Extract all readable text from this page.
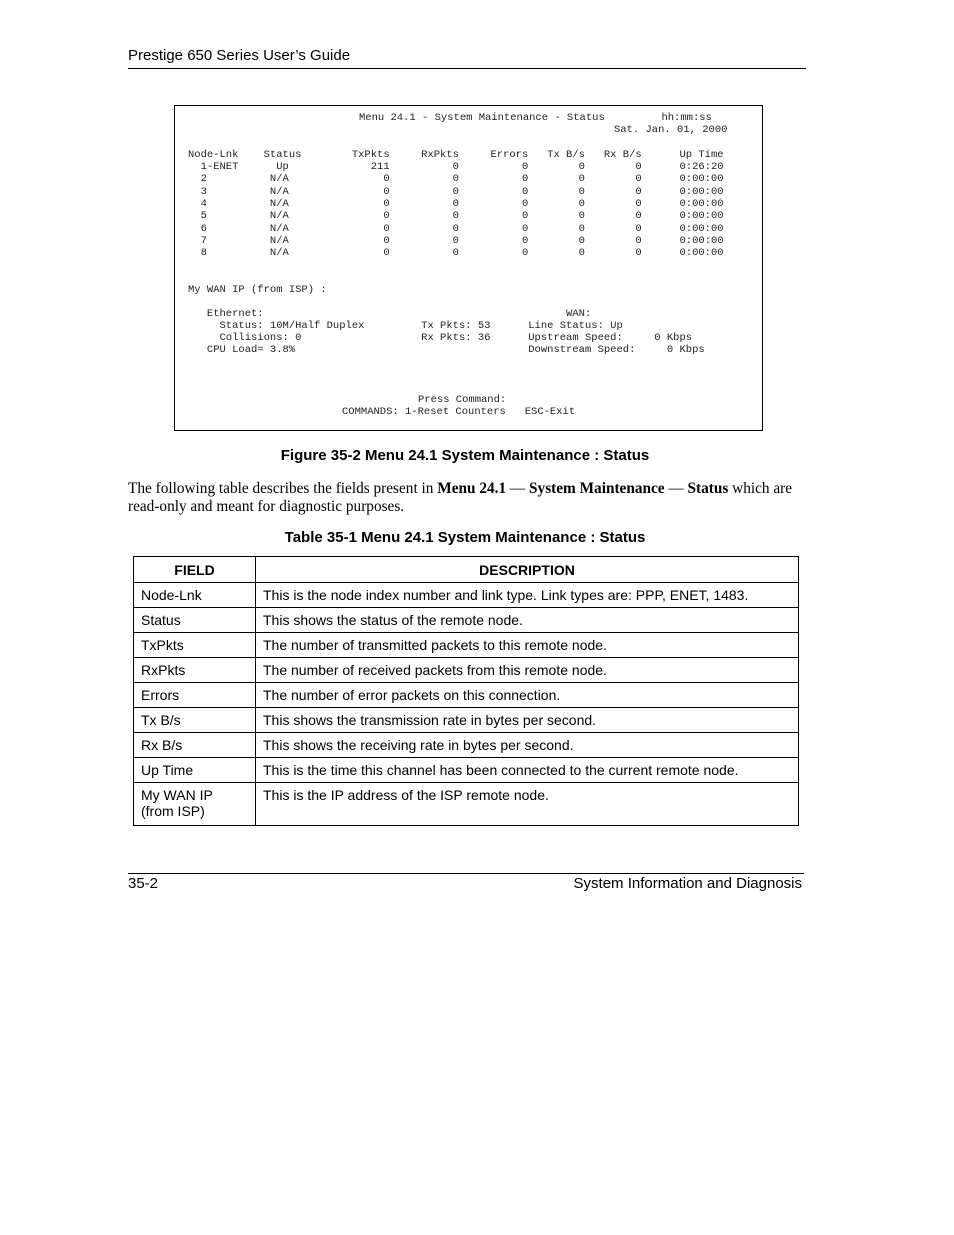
Prestige 650 Series User’s Guide
Menu 24.1 - System Maintenance - Status         hh:mm:ss
Sat. Jan. 01, 2000
Node-Lnk    Status        TxPkts     RxPkts     Errors   Tx B/s   Rx B/s      Up Time
1-ENET      Up             211          0          0        0        0      0:26:20
2          N/A               0          0          0        0        0      0:00:00
3          N/A               0          0          0        0        0      0:00:00
4          N/A               0          0          0        0        0      0:00:00
5          N/A               0          0          0        0        0      0:00:00
6          N/A               0          0          0        0        0      0:00:00
7          N/A               0          0          0        0        0      0:00:00
8          N/A               0          0          0        0        0      0:00:00
My WAN IP (from ISP) :
Ethernet:                                                WAN:
Status: 10M/Half Duplex         Tx Pkts: 53      Line Status: Up
Collisions: 0                   Rx Pkts: 36      Upstream Speed:     0 Kbps
CPU Load= 3.8%                                     Downstream Speed:     0 Kbps
Press Command:
COMMANDS: 1-Reset Counters   ESC-Exit
Figure 35-2 Menu 24.1 System Maintenance : Status
The following table describes the fields present in Menu 24.1 — System Maintenance — Status which are read-only and meant for diagnostic purposes.
Table 35-1 Menu 24.1 System Maintenance : Status
FIELD	DESCRIPTION
Node-Lnk	This is the node index number and link type. Link types are: PPP, ENET, 1483.
Status	This shows the status of the remote node.
TxPkts	The number of transmitted packets to this remote node.
RxPkts	The number of received packets from this remote node.
Errors	The number of error packets on this connection.
Tx B/s	This shows the transmission rate in bytes per second.
Rx B/s	This shows the receiving rate in bytes per second.
Up Time	This is the time this channel has been connected to the current remote node.
My WAN IP (from ISP)	This is the IP address of the ISP remote node.
35-2	System Information and Diagnosis
